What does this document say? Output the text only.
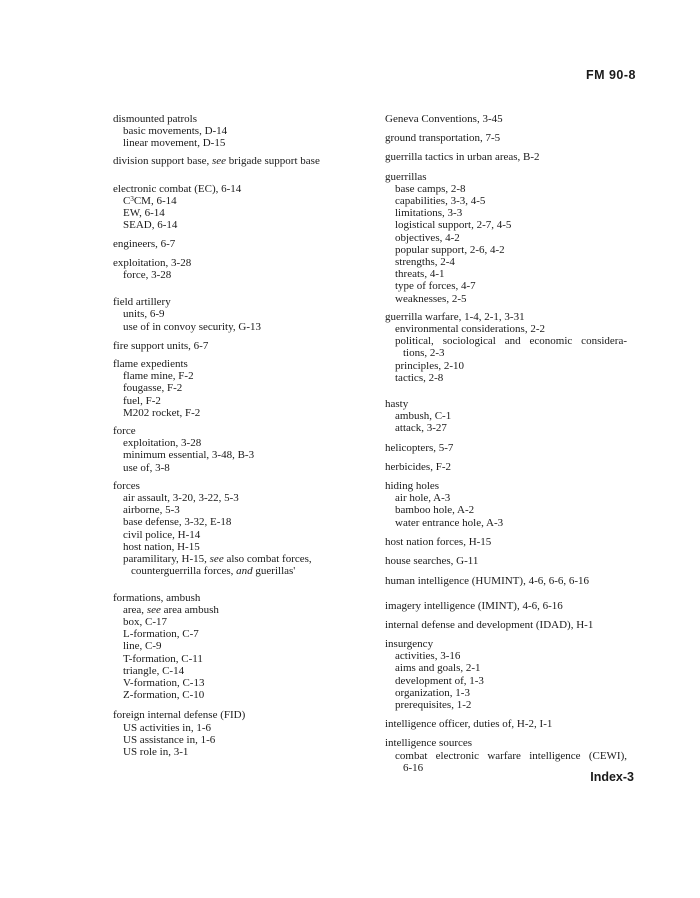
FM 90-8
dismounted patrols
basic movements, D-14
linear movement, D-15
division support base, see brigade support base
electronic combat (EC), 6-14
$C^3CM$, 6-14
EW, 6-14
SEAD, 6-14
engineers, 6-7
exploitation, 3-28
force, 3-28
field artillery
units, 6-9
use of in convoy security, G-13
fire support units, 6-7
flame expedients
flame mine, F-2
fougasse, F-2
fuel, F-2
M202 rocket, F-2
force
exploitation, 3-28
minimum essential, 3-48, B-3
use of, 3-8
forces
air assault, 3-20, 3-22, 5-3
airborne, 5-3
base defense, 3-32, E-18
civil police, H-14
host nation, H-15
paramilitary, H-15, see also combat forces,
counterguerrilla forces, and guerillas'
formations, ambush
area, see area ambush
box, C-17
L-formation, C-7
line, C-9
T-formation, C-11
triangle, C-14
V-formation, C-13
Z-formation, C-10
foreign internal defense (FID)
US activities in, 1-6
US assistance in, 1-6
US role in, 3-1
Geneva Conventions, 3-45
ground transportation, 7-5
guerrilla tactics in urban areas, B-2
guerrillas
base camps, 2-8
capabilities, 3-3, 4-5
limitations, 3-3
logistical support, 2-7, 4-5
objectives, 4-2
popular support, 2-6, 4-2
strengths, 2-4
threats, 4-1
type of forces, 4-7
weaknesses, 2-5
guerrilla warfare, 1-4, 2-1, 3-31
environmental considerations, 2-2
political, sociological and economic considera-
tions, 2-3
principles, 2-10
tactics, 2-8
hasty
ambush, C-1
attack, 3-27
helicopters, 5-7
herbicides, F-2
hiding holes
air hole, A-3
bamboo hole, A-2
water entrance hole, A-3
host nation forces, H-15
house searches, G-11
human intelligence (HUMINT), 4-6, 6-6, 6-16
imagery intelligence (IMINT), 4-6, 6-16
internal defense and development (IDAD), H-1
insurgency
activities, 3-16
aims and goals, 2-1
development of, 1-3
organization, 1-3
prerequisites, 1-2
intelligence officer, duties of, H-2, I-1
intelligence sources
combat electronic warfare intelligence (CEWI),
6-16
Index-3
